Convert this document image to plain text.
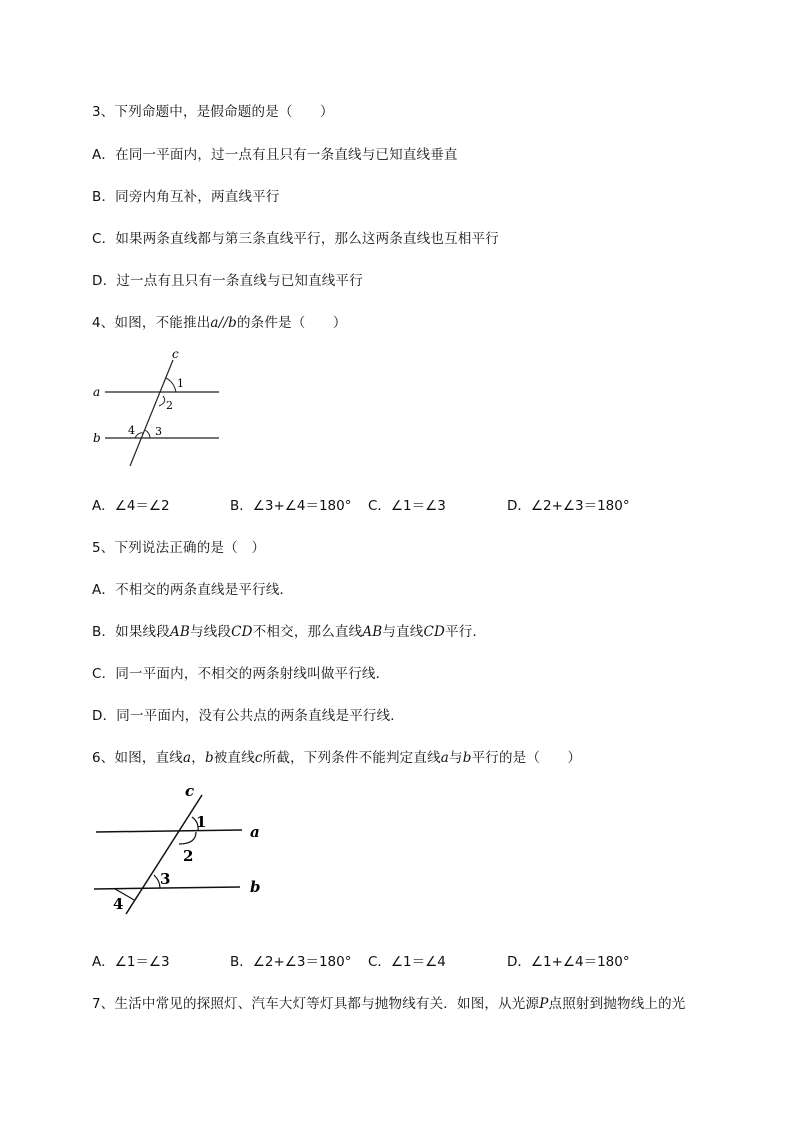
3、下列命题中，是假命题的是（　　）
A．在同一平面内，过一点有且只有一条直线与已知直线垂直
B．同旁内角互补，两直线平行
C．如果两条直线都与第三条直线平行，那么这两条直线也互相平行
D．过一点有且只有一条直线与已知直线平行
4、如图，不能推出a//b的条件是（　　）
c
a
b
1
2
3
4
A．∠4＝∠2	B．∠3+∠4＝180° C．∠1＝∠3	D．∠2+∠3＝180°
5、下列说法正确的是（　）
A．不相交的两条直线是平行线．
B．如果线段AB与线段CD不相交，那么直线AB与直线CD平行．
C．同一平面内，不相交的两条射线叫做平行线．
D．同一平面内，没有公共点的两条直线是平行线．
6、如图，直线a，b被直线c所截，下列条件不能判定直线a与b平行的是（　　）
c
a
b
1
2
3
4
A．∠1＝∠3	B．∠2+∠3＝180° C．∠1＝∠4	D．∠1+∠4＝180°
7、生活中常见的探照灯、汽车大灯等灯具都与抛物线有关．如图，从光源P点照射到抛物线上的光
